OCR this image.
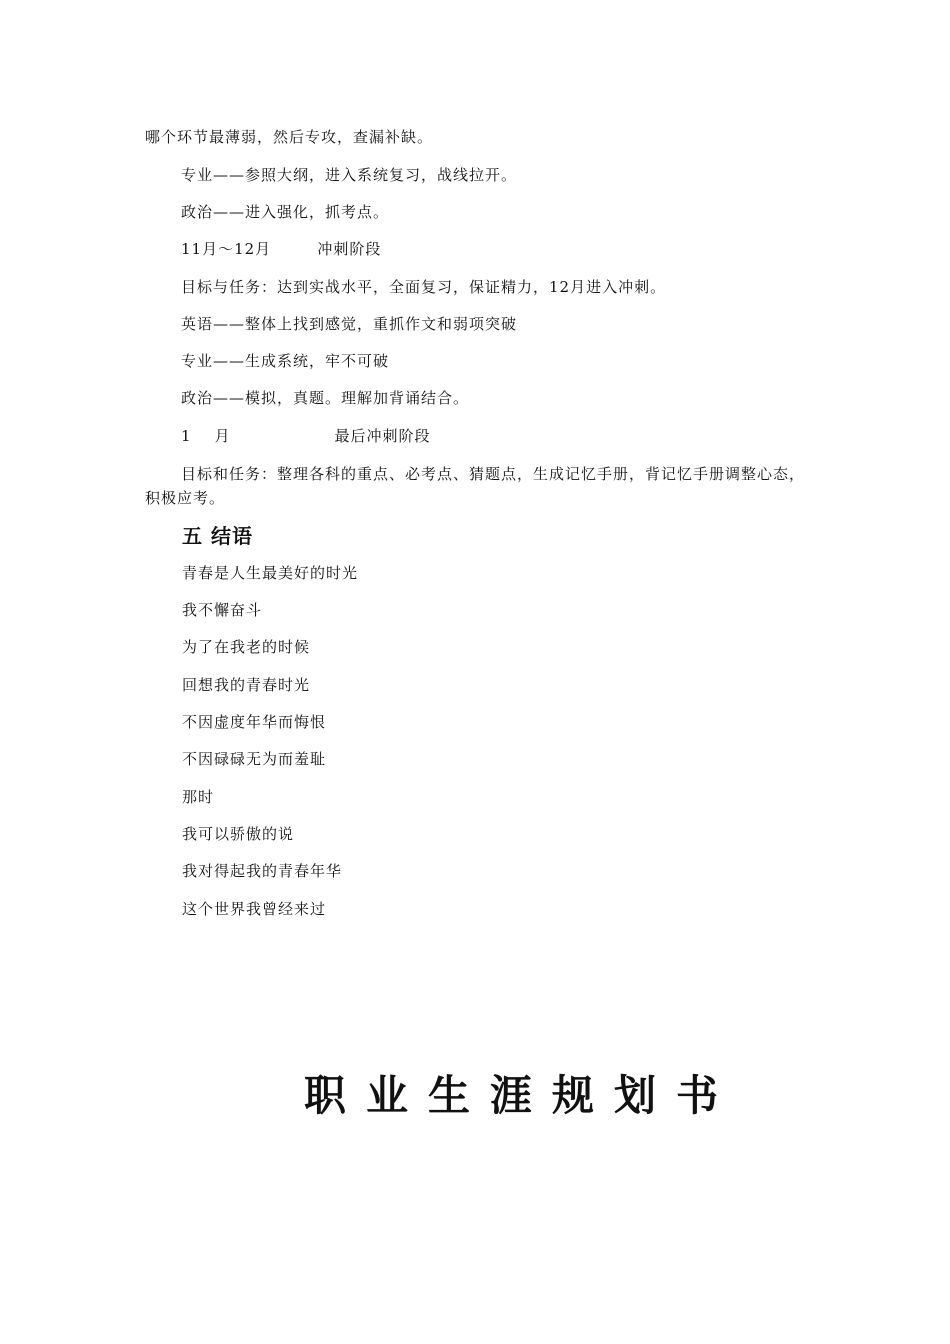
哪个环节最薄弱，然后专攻，查漏补缺。

专业——参照大纲，进入系统复习，战线拉开。

政治——进入强化，抓考点。

11月～12月        冲刺阶段

目标与任务：达到实战水平，全面复习，保证精力，12月进入冲刺。

英语——整体上找到感觉，重抓作文和弱项突破

专业——生成系统，牢不可破

政治——模拟，真题。理解加背诵结合。

1    月                  最后冲刺阶段

目标和任务：整理各科的重点、必考点、猜题点，生成记忆手册，背记忆手册调整心态，积极应考。

五 结语

青春是人生最美好的时光

我不懈奋斗

为了在我老的时候

回想我的青春时光

不因虚度年华而悔恨

不因碌碌无为而羞耻

那时

我可以骄傲的说

我对得起我的青春年华

这个世界我曾经来过

职业生涯规划书
